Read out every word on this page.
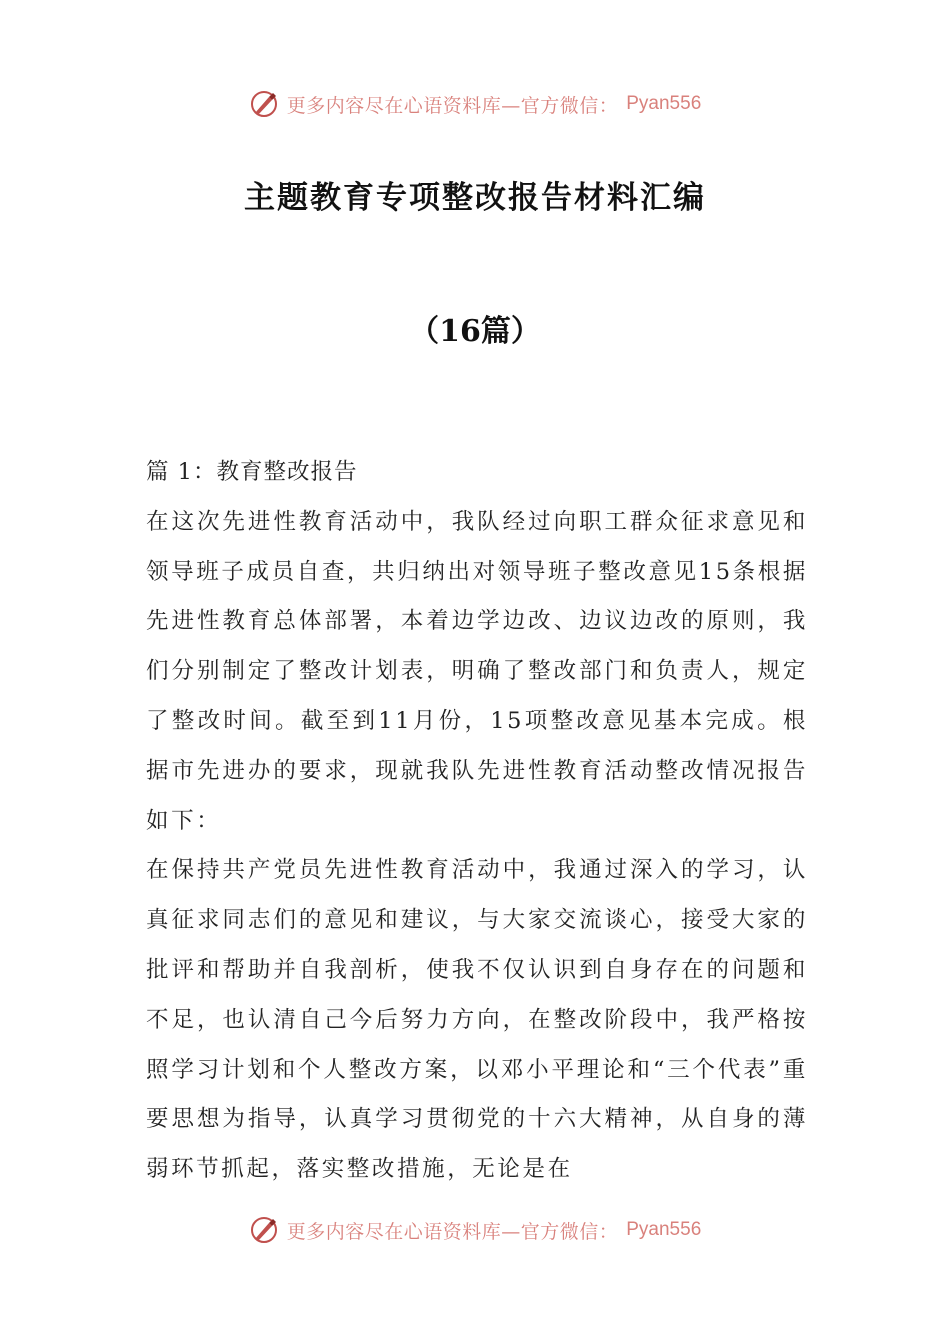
更多内容尽在心语资料库—官方微信： Pyan556
主题教育专项整改报告材料汇编
（16篇）

篇 1：教育整改报告

在这次先进性教育活动中，我队经过向职工群众征求意见和领导班子成员自查，共归纳出对领导班子整改意见15条根据先进性教育总体部署，本着边学边改、边议边改的原则，我们分别制定了整改计划表，明确了整改部门和负责人，规定了整改时间。截至到11月份，15项整改意见基本完成。根据市先进办的要求，现就我队先进性教育活动整改情况报告如下：

在保持共产党员先进性教育活动中，我通过深入的学习，认真征求同志们的意见和建议，与大家交流谈心，接受大家的批评和帮助并自我剖析，使我不仅认识到自身存在的问题和不足，也认清自己今后努力方向，在整改阶段中，我严格按照学习计划和个人整改方案，以邓小平理论和“三个代表”重要思想为指导，认真学习贯彻党的十六大精神，从自身的薄弱环节抓起，落实整改措施，无论是在

更多内容尽在心语资料库—官方微信： Pyan556
